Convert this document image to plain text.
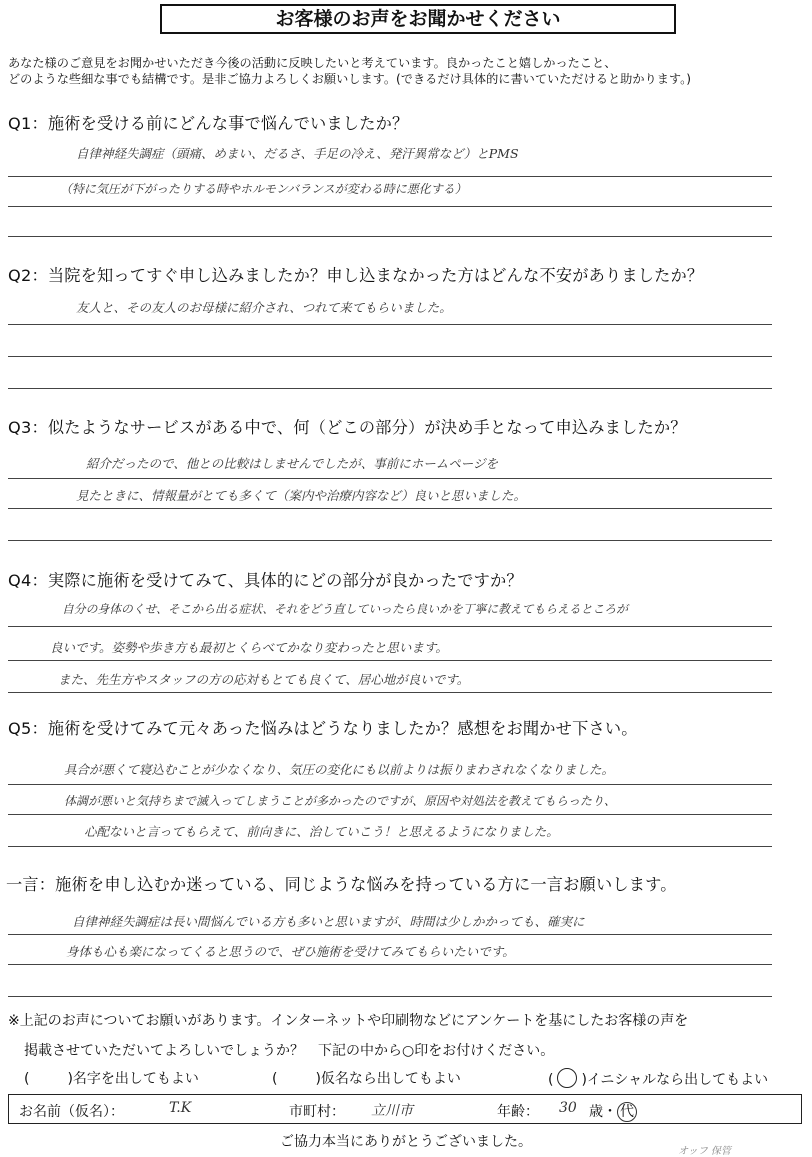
お客様のお声をお聞かせください
あなた様のご意見をお聞かせいただき今後の活動に反映したいと考えています。良かったこと嬉しかったこと、
どのような些細な事でも結構です。是非ご協力よろしくお願いします。(できるだけ具体的に書いていただけると助かります。)
Q1：施術を受ける前にどんな事で悩んでいましたか？
自律神経失調症（頭痛、めまい、だるさ、手足の冷え、発汗異常など）とPMS
（特に気圧が下がったりする時やホルモンバランスが変わる時に悪化する）
Q2：当院を知ってすぐ申し込みましたか？申し込まなかった方はどんな不安がありましたか？
友人と、その友人のお母様に紹介され、つれて来てもらいました。
Q3：似たようなサービスがある中で、何（どこの部分）が決め手となって申込みましたか？
紹介だったので、他との比較はしませんでしたが、事前にホームページを
見たときに、情報量がとても多くて（案内や治療内容など）良いと思いました。
Q4：実際に施術を受けてみて、具体的にどの部分が良かったですか？
自分の身体のくせ、そこから出る症状、それをどう直していったら良いかを丁寧に教えてもらえるところが
良いです。姿勢や歩き方も最初とくらべてかなり変わったと思います。
また、先生方やスタッフの方の応対もとても良くて、居心地が良いです。
Q5：施術を受けてみて元々あった悩みはどうなりましたか？感想をお聞かせ下さい。
具合が悪くて寝込むことが少なくなり、気圧の変化にも以前よりは振りまわされなくなりました。
体調が悪いと気持ちまで滅入ってしまうことが多かったのですが、原因や対処法を教えてもらったり、
心配ないと言ってもらえて、前向きに、治していこう！と思えるようになりました。
一言：施術を申し込むか迷っている、同じような悩みを持っている方に一言お願いします。
自律神経失調症は長い間悩んでいる方も多いと思いますが、時間は少しかかっても、確実に
身体も心も楽になってくると思うので、ぜひ施術を受けてみてもらいたいです。
※上記のお声についてお願いがあります。インターネットや印刷物などにアンケートを基にしたお客様の声を
掲載させていただいてよろしいでしょうか？　下記の中から○印をお付けください。
(	)名字を出してもよい	(	)仮名なら出してもよい	( )イニシャルなら出してもよい
お名前（仮名）：	T.K	市町村： 立川市	年齢： 30 歳・ 代
ご協力本当にありがとうございました。
オッフ 保管
